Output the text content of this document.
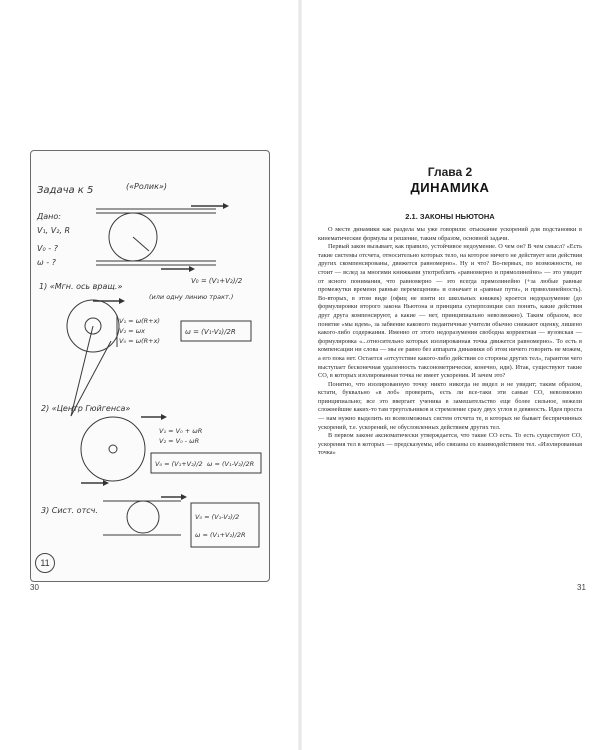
Задача к 5	(«Ролик»)
Дано:
V₁, V₂, R
V₀ - ?
ω - ?
1) «Мгн. ось вращ.»
(или одну линию тракт.)
V₁ = ω(R+x)
V₂ = ωx
V₀ = ω(R+x)
V₀ = (V₁+V₂)/2
ω = (V₁-V₂)/2R
2) «Центр Гюйгенса»
V₁ = V₀ + ωR
V₂ = V₀ - ωR
V₀ = (V₁+V₂)/2 ω = (V₁-V₂)/2R
3) Сист. отсч.
V₀ = (V₁-V₂)/2
ω = (V₁+V₂)/2R
11
30
Глава 2
ДИНАМИКА
2.1. ЗАКОНЫ НЬЮТОНА

О месте динамики как раздела мы уже говорили: отыскание ускорений для подстановки в кинематические формулы и решение, таким образом, основной задачи.

Первый закон вызывает, как правило, устойчивое недоумение. О чем он? В чем смысл? «Есть такие системы отсчета, относительно которых тело, на которое ничего не действует или действия других скомпенсированы, движется равномерно». Ну и что? Во-первых, по возможности, не стоит — вслед за многими книжками употреблять «равномерно и прямолинейно» — это увидит от ясного понимания, что равномерно — это всегда прямолинейно (+за любые равные промежутки времени равные перемещения» и означает и «равные пути», и прямолинейность). Во-вторых, в этом виде (офиц не изяти из школьных книжек) кроется недоразумение (до формулировки второго закона Ньютона и принципа суперпозиции сил понять, какие действия друг друга компенсируют, а какие — нет, принципиально невозможно). Таким образом, все понятие «мы идем», за забвение какового педантичные учители обычно снижают оценку, лишено какого-либо содержания. Именно от этого недоразумения свободна корректная — вузовская — формулировка «...относительно которых изолированная точка движется равномерно». То есть в компенсации ни слова — мы ее равно без аппарата динамики об этом ничего говорить не можем, а его пока нет. Остается «отсутствие какого-либо действия со стороны других тел», гарантом чего выступает бесконечная удаленность таксонометрически, конечно, иди). Итак, существуют такие СО, в которых изолированная точка не имеет ускорения. И зачем это?

Понятно, что изолированную точку никто никогда не видел и не увидит; таким образом, кстати, буквально «в лоб» проверить, есть ли все-таки эти самые СО, невозможно принципиально; все это ввергает ученика в замешательство еще более сильное, нежели сложнейшие каких-то там треугольников и стремление сразу двух углов в девяность. Идея проста — нам нужно выделить из всевозможных систем отсчета те, в которых не бывает беспричинных ускорений, т.е. ускорений, не обусловленных действием других тел.

В первом законе аксиоматически утверждается, что такие СО есть. То есть существуют СО, ускорения тел в которых — предсказуемы, ибо связаны со взаимодействием тел. «Изолированная точка»

31
